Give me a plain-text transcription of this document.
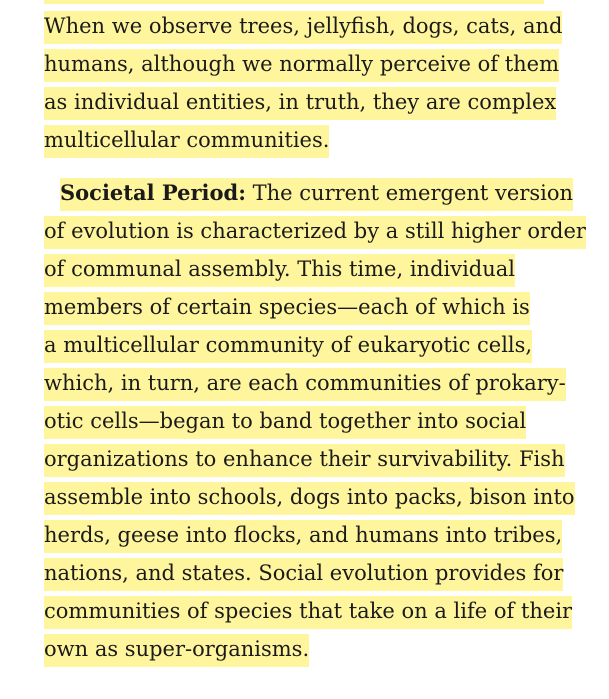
When we observe trees, jellyfish, dogs, cats, and
humans, although we normally perceive of them
as individual entities, in truth, they are complex
multicellular communities.
Societal Period: The current emergent version
of evolution is characterized by a still higher order
of communal assembly. This time, individual
members of certain species—each of which is
a multicellular community of eukaryotic cells,
which, in turn, are each communities of prokary-
otic cells—began to band together into social
organizations to enhance their survivability. Fish
assemble into schools, dogs into packs, bison into
herds, geese into flocks, and humans into tribes,
nations, and states. Social evolution provides for
communities of species that take on a life of their
own as super-organisms.
